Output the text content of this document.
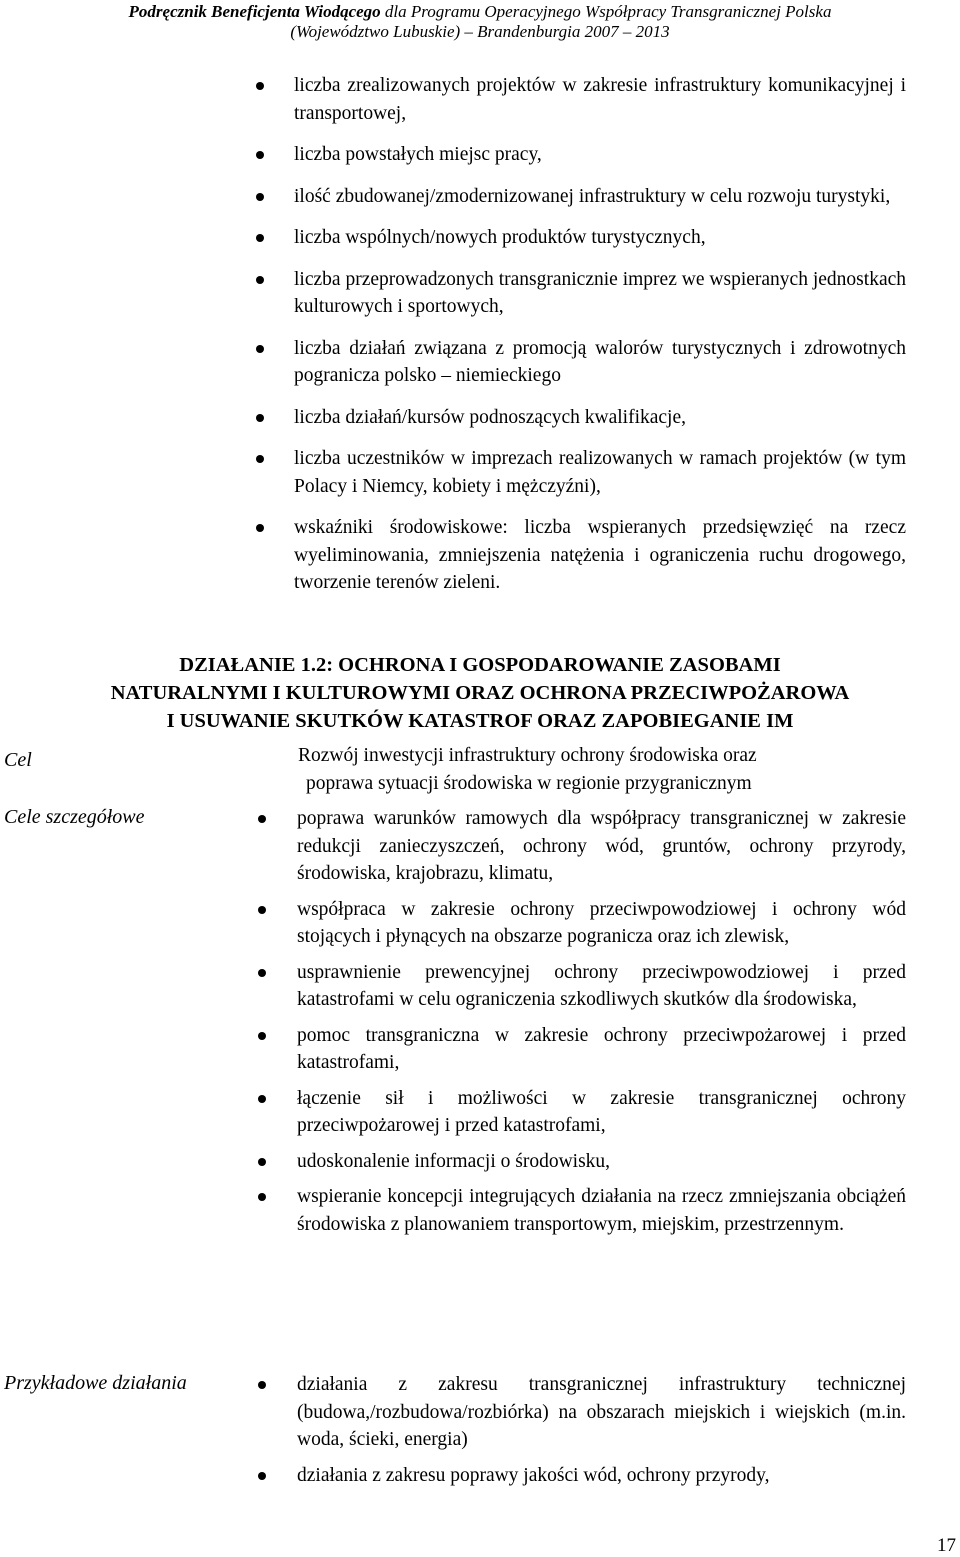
Podręcznik Beneficjenta Wiodącego dla Programu Operacyjnego Współpracy Transgranicznej Polska
(Województwo Lubuskie) – Brandenburgia 2007 – 2013
liczba zrealizowanych projektów w zakresie infrastruktury komunikacyjnej i transportowej,
liczba powstałych miejsc pracy,
ilość zbudowanej/zmodernizowanej infrastruktury w celu rozwoju turystyki,
liczba wspólnych/nowych produktów turystycznych,
liczba przeprowadzonych transgranicznie imprez we wspieranych jednostkach kulturowych i sportowych,
liczba działań związana z promocją walorów turystycznych i zdrowotnych pogranicza polsko – niemieckiego
liczba działań/kursów podnoszących kwalifikacje,
liczba uczestników w imprezach realizowanych w ramach projektów (w tym Polacy i Niemcy, kobiety i mężczyźni),
wskaźniki środowiskowe: liczba wspieranych przedsięwzięć na rzecz wyeliminowania, zmniejszenia natężenia i ograniczenia ruchu drogowego, tworzenie terenów zieleni.
DZIAŁANIE 1.2: OCHRONA I GOSPODAROWANIE ZASOBAMI
NATURALNYMI I KULTUROWYMI ORAZ OCHRONA PRZECIWPOŻAROWA
I USUWANIE SKUTKÓW KATASTROF ORAZ ZAPOBIEGANIE IM
Cel	Rozwój inwestycji infrastruktury ochrony środowiska oraz
poprawa sytuacji środowiska w regionie przygranicznym
Cele szczegółowe	poprawa warunków ramowych dla współpracy transgranicznej w zakresie redukcji zanieczyszczeń, ochrony wód, gruntów, ochrony przyrody, środowiska, krajobrazu, klimatu,
współpraca w zakresie ochrony przeciwpowodziowej i ochrony wód stojących i płynących na obszarze pogranicza oraz ich zlewisk,
usprawnienie prewencyjnej ochrony przeciwpowodziowej i przed katastrofami w celu ograniczenia szkodliwych skutków dla środowiska,
pomoc transgraniczna w zakresie ochrony przeciwpożarowej i przed katastrofami,
łączenie sił i możliwości w zakresie transgranicznej ochrony przeciwpożarowej i przed katastrofami,
udoskonalenie informacji o środowisku,
wspieranie koncepcji integrujących działania na rzecz zmniejszania obciążeń środowiska z planowaniem transportowym, miejskim, przestrzennym.
Przykładowe działania	działania z zakresu transgranicznej infrastruktury technicznej (budowa,/rozbudowa/rozbiórka) na obszarach miejskich i wiejskich (m.in. woda, ścieki, energia)
działania z zakresu poprawy jakości wód, ochrony przyrody,
17
